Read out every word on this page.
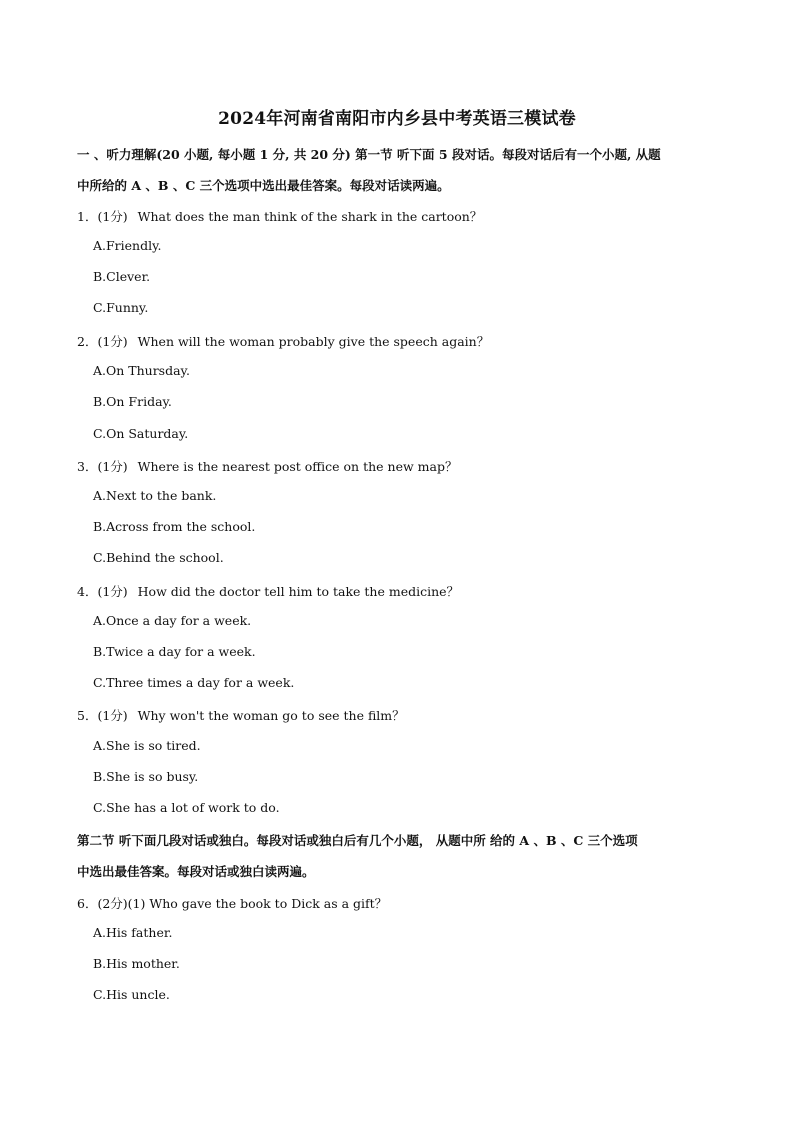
2024年河南省南阳市内乡县中考英语三模试卷
一 、听力理解(20 小题, 每小题 1 分, 共 20 分) 第一节 听下面 5 段对话。每段对话后有一个小题, 从题
中所给的 A 、B 、C 三个选项中选出最佳答案。每段对话读两遍。
1．(1分) What does the man think of the shark in the cartoon？
A.Friendly.
B.Clever.
C.Funny.
2．(1分) When will the woman probably give the speech again？
A.On Thursday.
B.On Friday.
C.On Saturday.
3．(1分) Where is the nearest post office on the new map？
A.Next to the bank.
B.Across from the school.
C.Behind the school.
4．(1分) How did the doctor tell him to take the medicine？
A.Once a day for a week.
B.Twice a day for a week.
C.Three times a day for a week.
5．(1分) Why won't the woman go to see the film？
A.She is so tired.
B.She is so busy.
C.She has a lot of work to do.
第二节 听下面几段对话或独白。每段对话或独白后有几个小题， 从题中所 给的 A 、B 、C 三个选项
中选出最佳答案。每段对话或独白读两遍。
6．(2分)(1) Who gave the book to Dick as a gift？
A.His father.
B.His mother.
C.His uncle.
